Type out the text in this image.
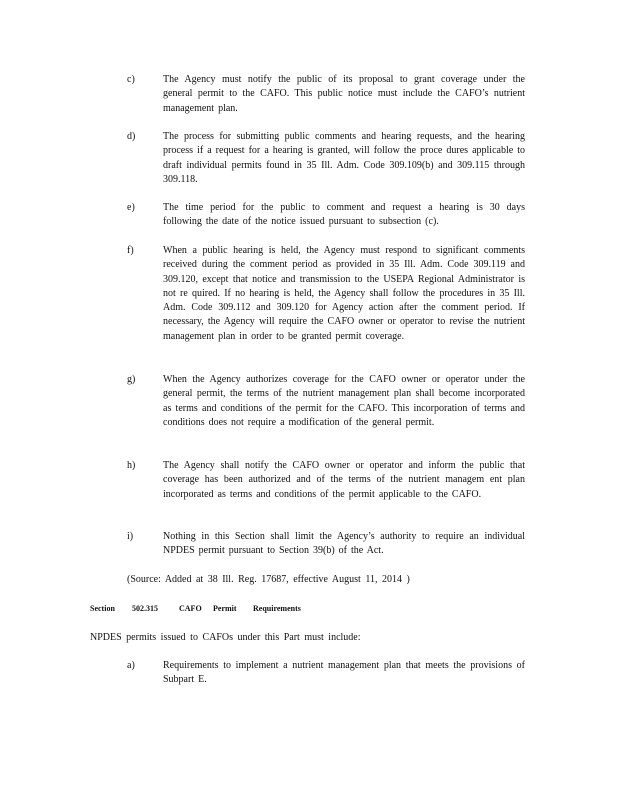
c)	The Agency must notify the public of its proposal to grant coverage under the general permit to the CAFO. This public notice must include the CAFO’s nutrient management plan.
d)	The process for submitting public comments and hearing requests, and the hearing process if a request for a hearing is granted, will follow the proce dures applicable to draft individual permits found in 35 Ill. Adm. Code 309.109(b) and 309.115 through 309.118.
e)	The time period for the public to comment and request a hearing is 30 days following the date of the notice issued pursuant to subsection (c).
f)	When a public hearing is held, the Agency must respond to significant comments received during the comment period as provided in 35 Ill. Adm. Code 309.119 and 309.120, except that notice and transmission to the USEPA Regional Administrator is not re quired. If no hearing is held, the Agency shall follow the procedures in 35 Ill. Adm. Code 309.112 and 309.120 for Agency action after the comment period. If necessary, the Agency will require the CAFO owner or operator to revise the nutrient management plan in order to be granted permit coverage.
g)	When the Agency authorizes coverage for the CAFO owner or operator under the general permit, the terms of the nutrient management plan shall become incorporated as terms and conditions of the permit for the CAFO. This incorporation of terms and conditions does not require a modification of the general permit.
h)	The Agency shall notify the CAFO owner or operator and inform the public that coverage has been authorized and of the terms of the nutrient managem ent plan incorporated as terms and conditions of the permit applicable to the CAFO.
i)	Nothing in this Section shall limit the Agency’s authority to require an individual NPDES permit pursuant to Section 39(b) of the Act.
(Source: Added at 38 Ill. Reg. 17687, effective August 11, 2014 )
Section 502.315	CAFO Permit Requirements
NPDES permits issued to CAFOs under this Part must include:
a)	Requirements to implement a nutrient management plan that meets the provisions of Subpart E.
